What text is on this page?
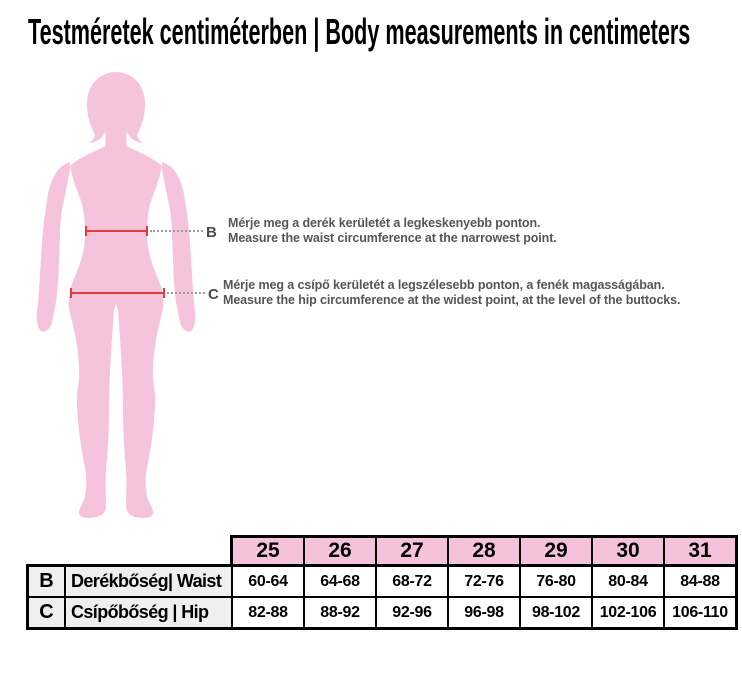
Testméretek centiméterben | Body measurements in centimeters
B
Mérje meg a derék kerületét a legkeskenyebb ponton.
Measure the waist circumference at the narrowest point.
C
Mérje meg a csípő kerületét a legszélesebb ponton, a fenék magasságában.
Measure the hip circumference at the widest point, at the level of the buttocks.
25	26	27	28	29	30	31
B Derékbőség| Waist	60-64	64-68	68-72	72-76	76-80	80-84	84-88
C Csípőbőség | Hip	82-88	88-92	92-96	96-98	98-102	102-106 106-110
